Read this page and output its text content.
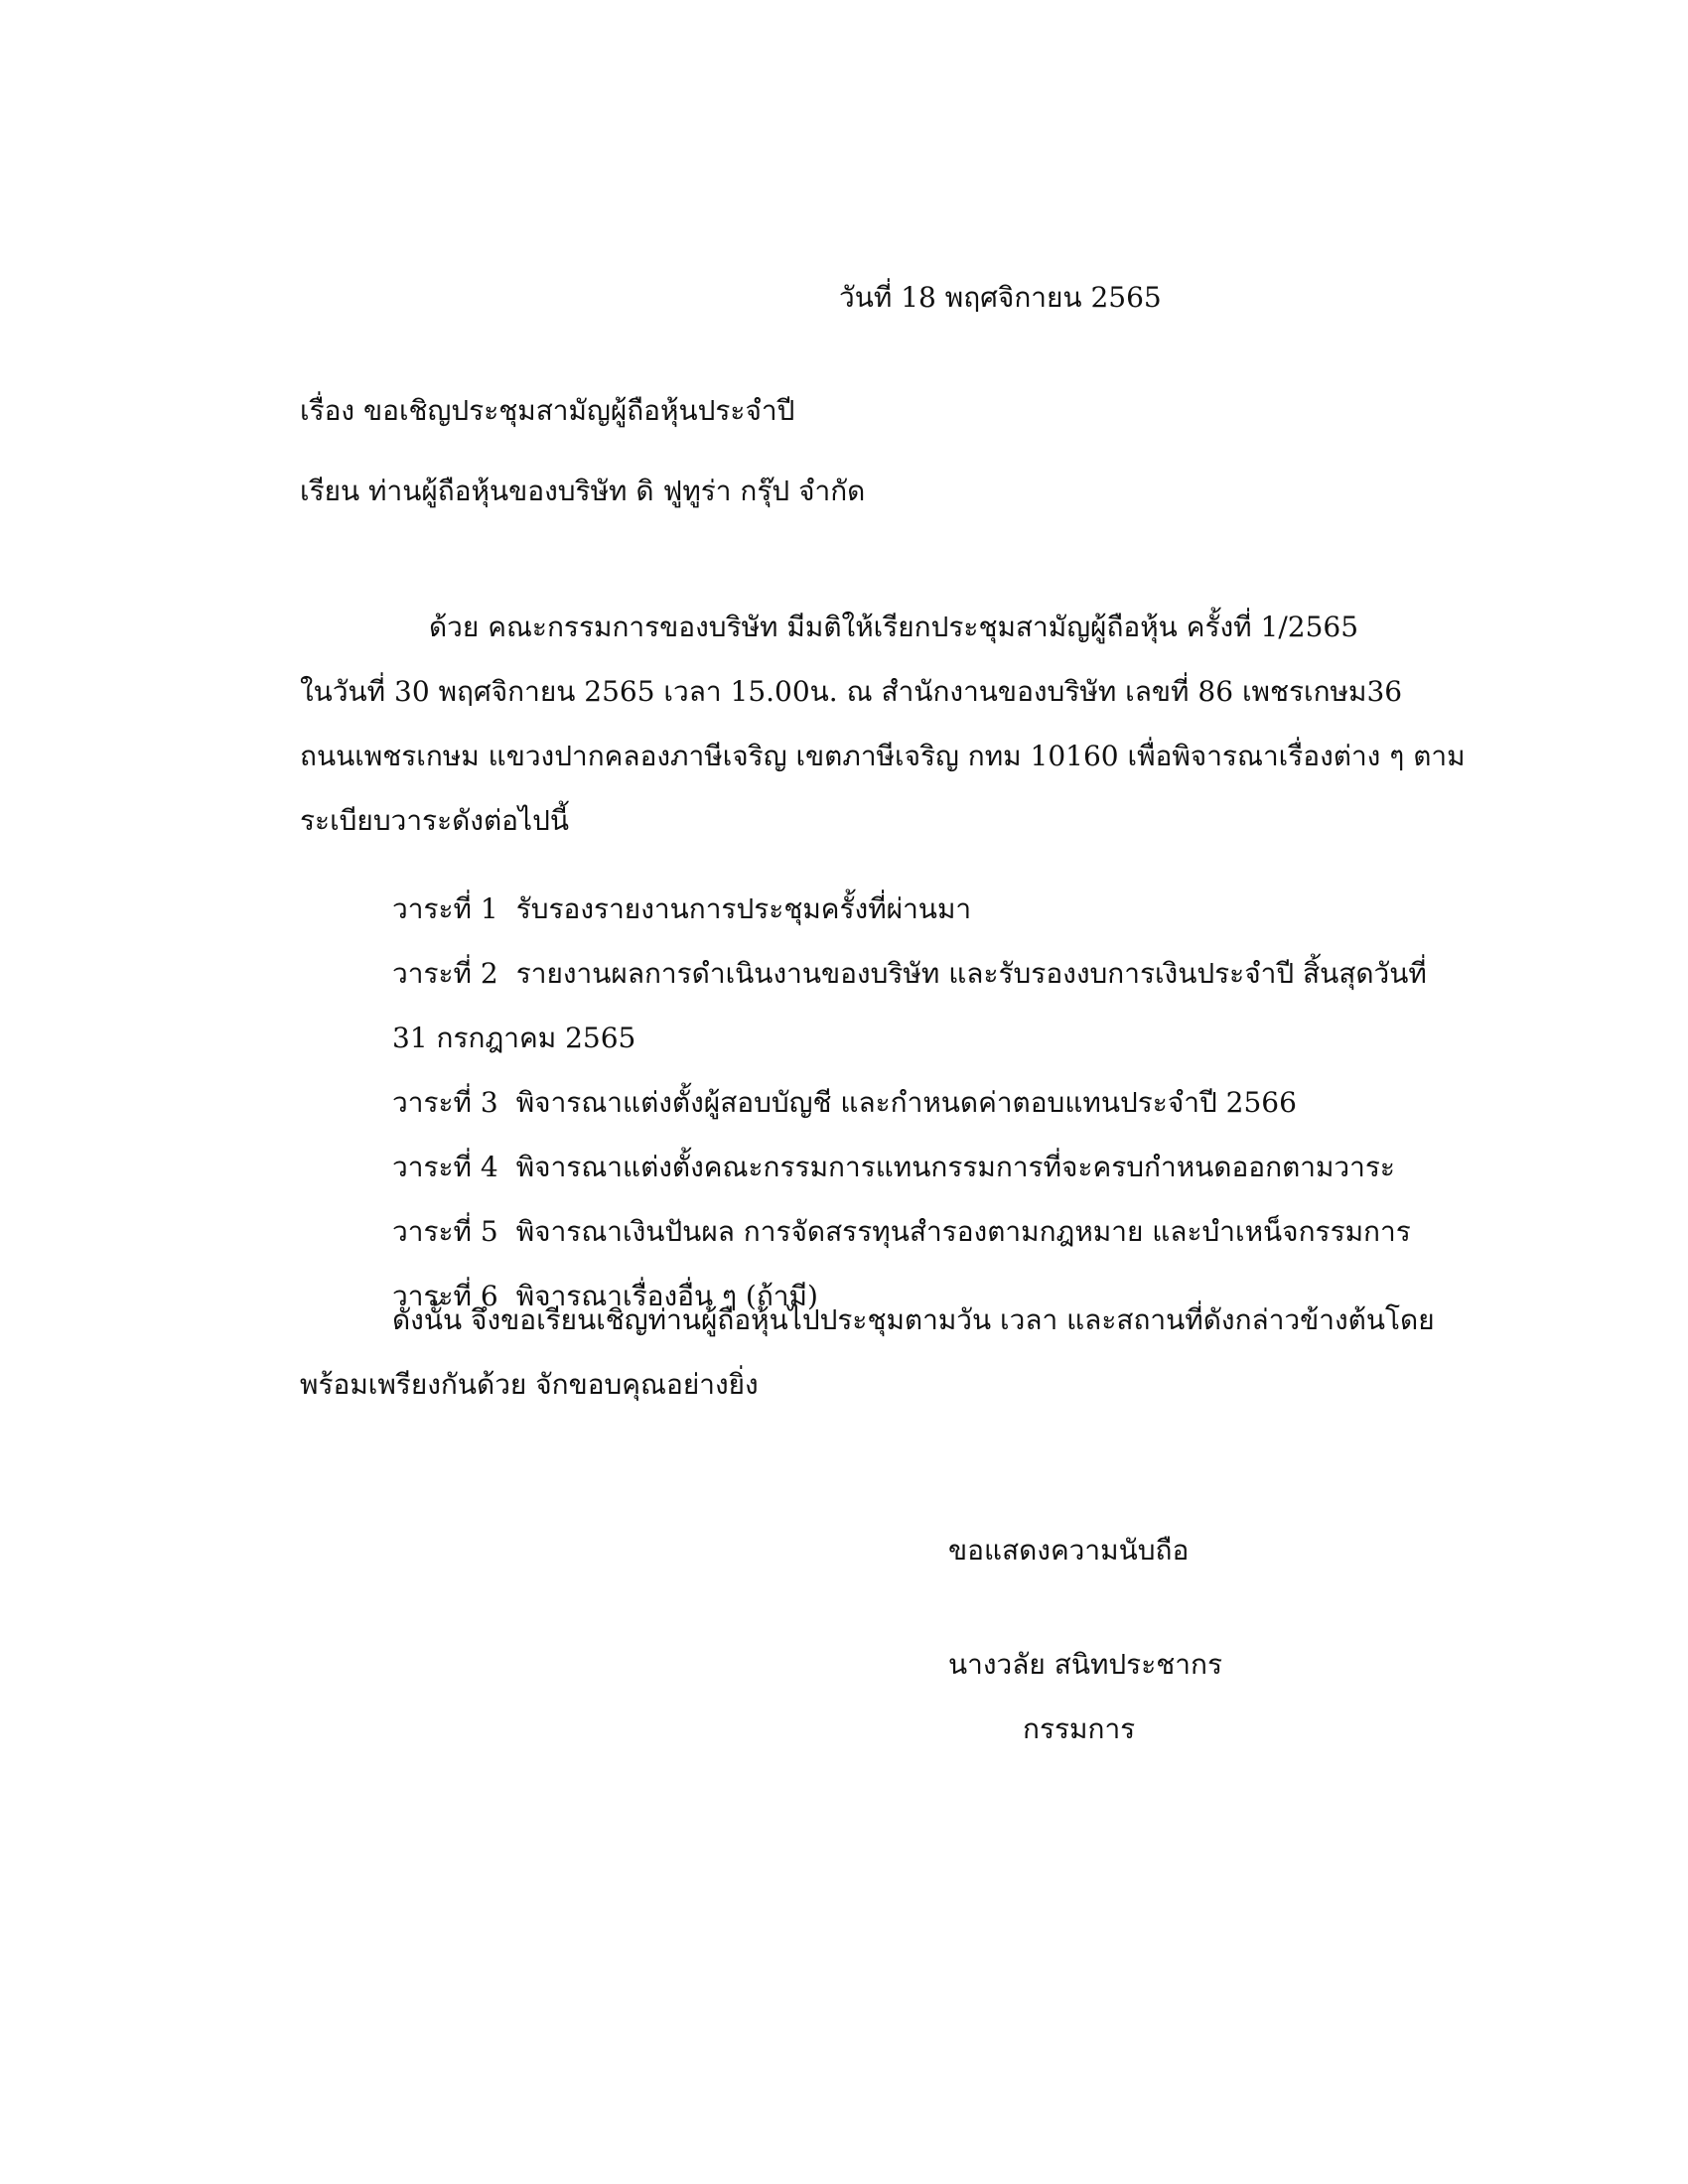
วันที่ 18 พฤศจิกายน 2565
เรื่อง ขอเชิญประชุมสามัญผู้ถือหุ้นประจำปี
เรียน ท่านผู้ถือหุ้นของบริษัท ดิ ฟูทูร่า กรุ๊ป จำกัด
ด้วย คณะกรรมการของบริษัท มีมติให้เรียกประชุมสามัญผู้ถือหุ้น ครั้งที่ 1/2565
ในวันที่ 30 พฤศจิกายน 2565 เวลา 15.00น. ณ สำนักงานของบริษัท เลขที่ 86 เพชรเกษม36
ถนนเพชรเกษม แขวงปากคลองภาษีเจริญ เขตภาษีเจริญ กทม 10160 เพื่อพิจารณาเรื่องต่าง ๆ ตาม
ระเบียบวาระดังต่อไปนี้
วาระที่ 1 รับรองรายงานการประชุมครั้งที่ผ่านมา
วาระที่ 2 รายงานผลการดำเนินงานของบริษัท และรับรองงบการเงินประจำปี สิ้นสุดวันที่
31 กรกฎาคม 2565
วาระที่ 3 พิจารณาแต่งตั้งผู้สอบบัญชี และกำหนดค่าตอบแทนประจำปี 2566
วาระที่ 4 พิจารณาแต่งตั้งคณะกรรมการแทนกรรมการที่จะครบกำหนดออกตามวาระ
วาระที่ 5 พิจารณาเงินปันผล การจัดสรรทุนสำรองตามกฎหมาย และบำเหน็จกรรมการ
วาระที่ 6 พิจารณาเรื่องอื่น ๆ (ถ้ามี)
ดังนั้น จึงขอเรียนเชิญท่านผู้ถือหุ้นไปประชุมตามวัน เวลา และสถานที่ดังกล่าวข้างต้นโดย
พร้อมเพรียงกันด้วย จักขอบคุณอย่างยิ่ง
ขอแสดงความนับถือ
นางวลัย สนิทประชากร
กรรมการ
